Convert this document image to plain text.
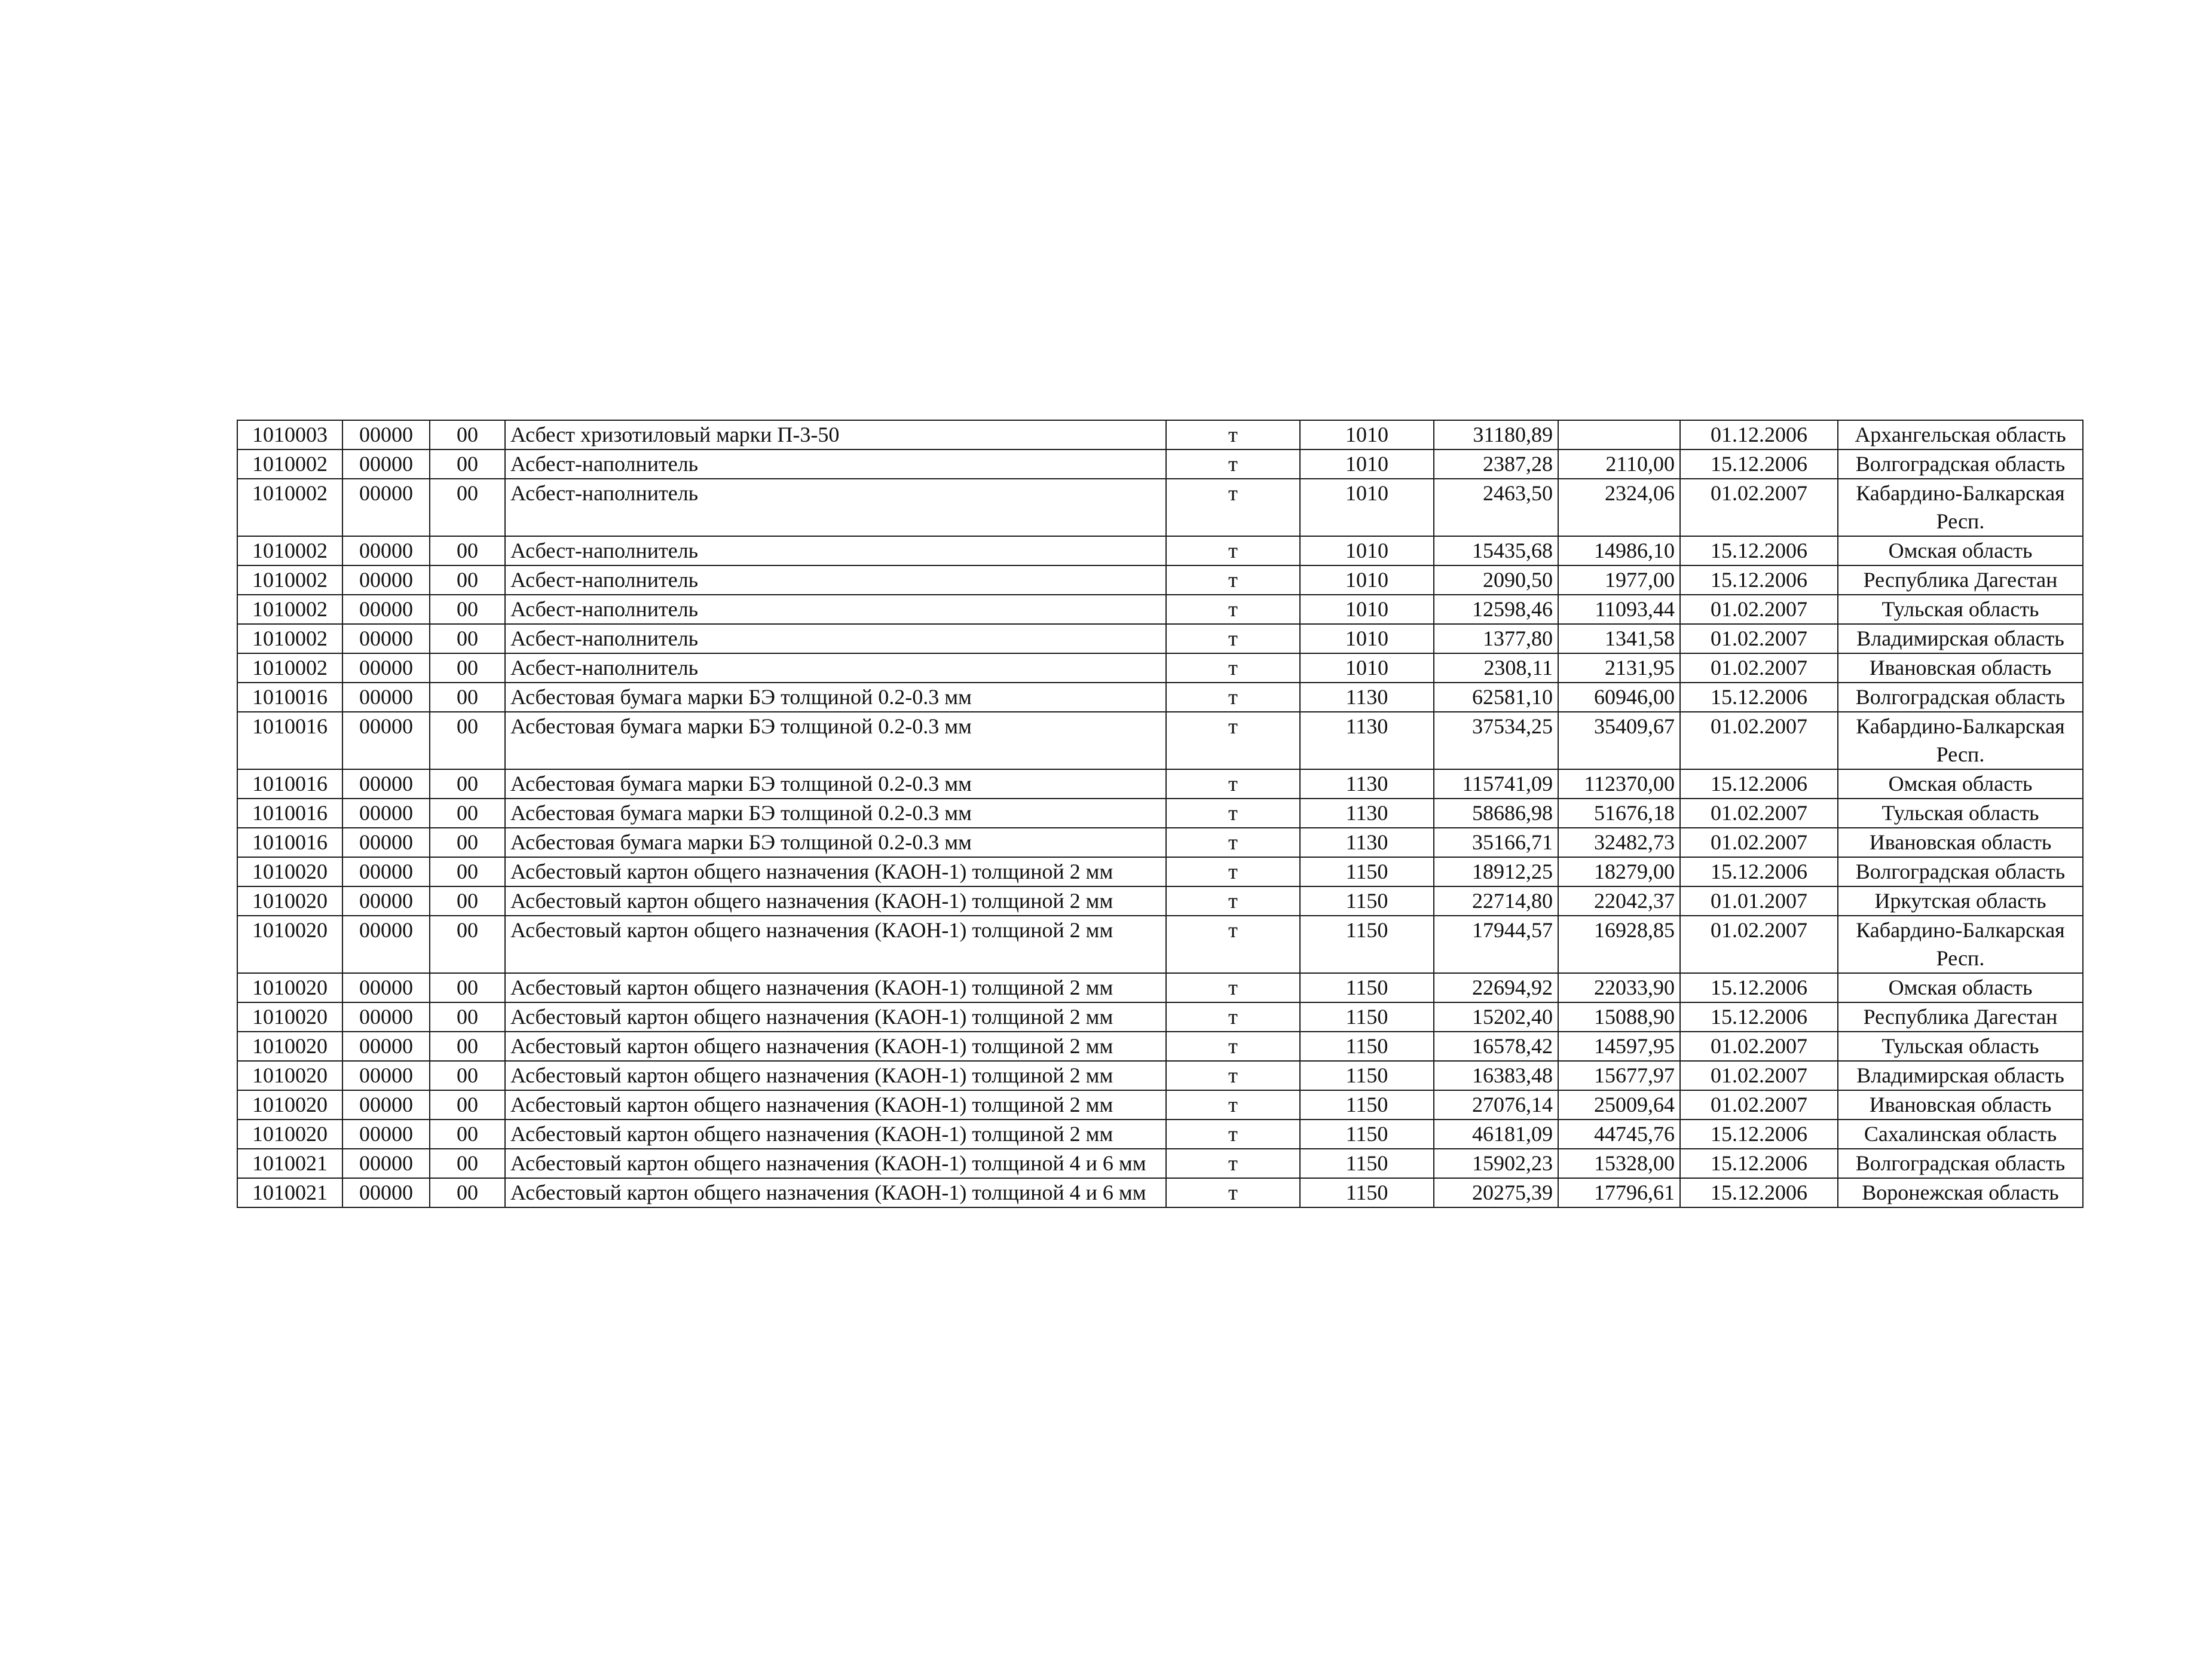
1010003	00000	00	Асбест хризотиловый марки П-3-50	т	1010	31180,89		01.12.2006	Архангельская область
1010002	00000	00	Асбест-наполнитель	т	1010	2387,28	2110,00	15.12.2006	Волгоградская область
1010002	00000	00	Асбест-наполнитель	т	1010	2463,50	2324,06	01.02.2007	Кабардино-Балкарская Респ.
1010002	00000	00	Асбест-наполнитель	т	1010	15435,68	14986,10	15.12.2006	Омская область
1010002	00000	00	Асбест-наполнитель	т	1010	2090,50	1977,00	15.12.2006	Республика Дагестан
1010002	00000	00	Асбест-наполнитель	т	1010	12598,46	11093,44	01.02.2007	Тульская область
1010002	00000	00	Асбест-наполнитель	т	1010	1377,80	1341,58	01.02.2007	Владимирская область
1010002	00000	00	Асбест-наполнитель	т	1010	2308,11	2131,95	01.02.2007	Ивановская область
1010016	00000	00	Асбестовая бумага марки БЭ толщиной 0.2-0.3 мм	т	1130	62581,10	60946,00	15.12.2006	Волгоградская область
1010016	00000	00	Асбестовая бумага марки БЭ толщиной 0.2-0.3 мм	т	1130	37534,25	35409,67	01.02.2007	Кабардино-Балкарская Респ.
1010016	00000	00	Асбестовая бумага марки БЭ толщиной 0.2-0.3 мм	т	1130	115741,09	112370,00	15.12.2006	Омская область
1010016	00000	00	Асбестовая бумага марки БЭ толщиной 0.2-0.3 мм	т	1130	58686,98	51676,18	01.02.2007	Тульская область
1010016	00000	00	Асбестовая бумага марки БЭ толщиной 0.2-0.3 мм	т	1130	35166,71	32482,73	01.02.2007	Ивановская область
1010020	00000	00	Асбестовый картон общего назначения (КАОН-1) толщиной 2 мм	т	1150	18912,25	18279,00	15.12.2006	Волгоградская область
1010020	00000	00	Асбестовый картон общего назначения (КАОН-1) толщиной 2 мм	т	1150	22714,80	22042,37	01.01.2007	Иркутская область
1010020	00000	00	Асбестовый картон общего назначения (КАОН-1) толщиной 2 мм	т	1150	17944,57	16928,85	01.02.2007	Кабардино-Балкарская Респ.
1010020	00000	00	Асбестовый картон общего назначения (КАОН-1) толщиной 2 мм	т	1150	22694,92	22033,90	15.12.2006	Омская область
1010020	00000	00	Асбестовый картон общего назначения (КАОН-1) толщиной 2 мм	т	1150	15202,40	15088,90	15.12.2006	Республика Дагестан
1010020	00000	00	Асбестовый картон общего назначения (КАОН-1) толщиной 2 мм	т	1150	16578,42	14597,95	01.02.2007	Тульская область
1010020	00000	00	Асбестовый картон общего назначения (КАОН-1) толщиной 2 мм	т	1150	16383,48	15677,97	01.02.2007	Владимирская область
1010020	00000	00	Асбестовый картон общего назначения (КАОН-1) толщиной 2 мм	т	1150	27076,14	25009,64	01.02.2007	Ивановская область
1010020	00000	00	Асбестовый картон общего назначения (КАОН-1) толщиной 2 мм	т	1150	46181,09	44745,76	15.12.2006	Сахалинская область
1010021	00000	00	Асбестовый картон общего назначения (КАОН-1) толщиной 4 и 6 мм	т	1150	15902,23	15328,00	15.12.2006	Волгоградская область
1010021	00000	00	Асбестовый картон общего назначения (КАОН-1) толщиной 4 и 6 мм	т	1150	20275,39	17796,61	15.12.2006	Воронежская область
